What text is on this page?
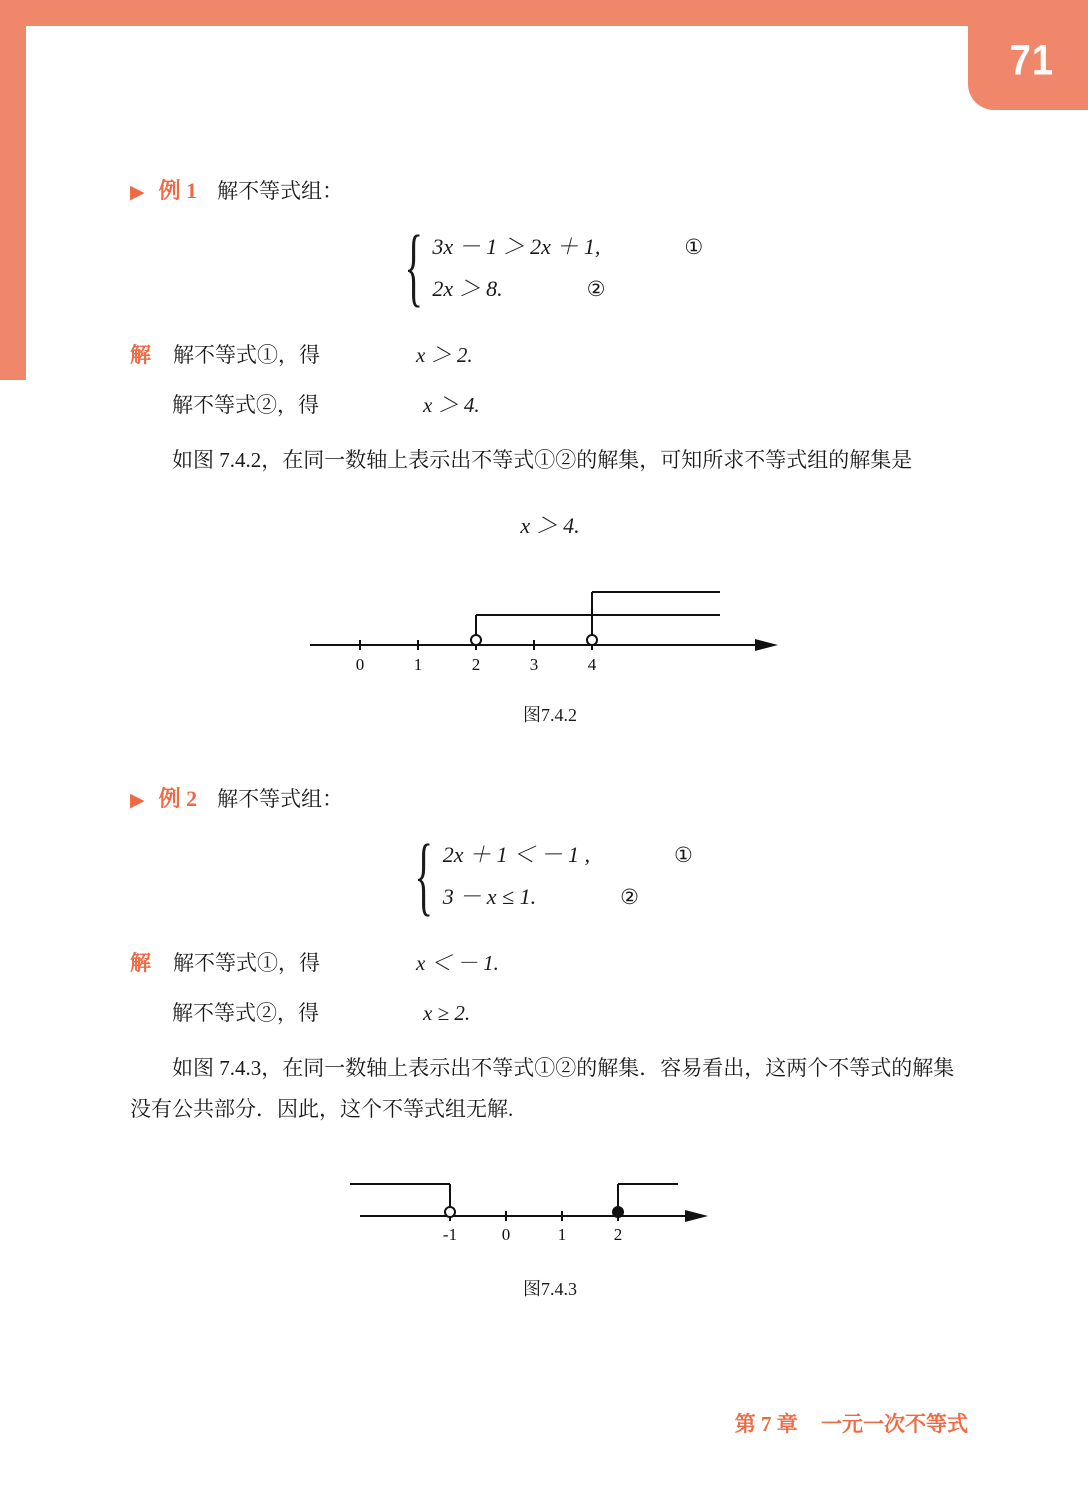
71
▶ 例 1 解不等式组：
{ 3x － 1 ＞ 2x ＋ 1,	①
2x ＞ 8.	②
解 解不等式①，得	x ＞ 2.
解不等式②，得	x ＞ 4.
如图 7.4.2，在同一数轴上表示出不等式①②的解集，可知所求不等式组的解集是
x ＞ 4.
0	1	2	3	4
图7.4.2
▶ 例 2 解不等式组：
{ 2x ＋ 1 ＜ － 1 ,	①
3 － x ≤ 1.	②
解 解不等式①，得	x ＜ － 1.
解不等式②，得	x ≥ 2.
如图 7.4.3，在同一数轴上表示出不等式①②的解集．容易看出，这两个不等式的解集没有公共部分．因此，这个不等式组无解.
-1	0	1	2
图7.4.3
第 7 章 一元一次不等式
